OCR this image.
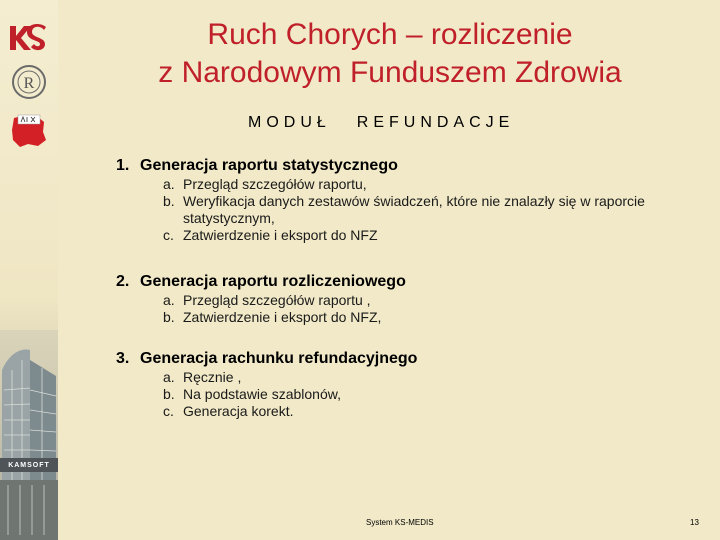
R
KAMSOFT
Ruch Chorych – rozliczenie
z Narodowym Funduszem Zdrowia
MODUŁ REFUNDACJE

1. Generacja raportu statystycznego

a. Przegląd szczegółów raportu,
b. Weryfikacja danych zestawów świadczeń, które nie znalazły się w raporcie statystycznym,
c. Zatwierdzenie i eksport do NFZ

2. Generacja raportu rozliczeniowego

a. Przegląd szczegółów raportu ,
b. Zatwierdzenie i eksport do NFZ,

3. Generacja rachunku refundacyjnego

a. Ręcznie ,
b. Na podstawie szablonów,
c. Generacja korekt.
System KS-MEDIS	13
